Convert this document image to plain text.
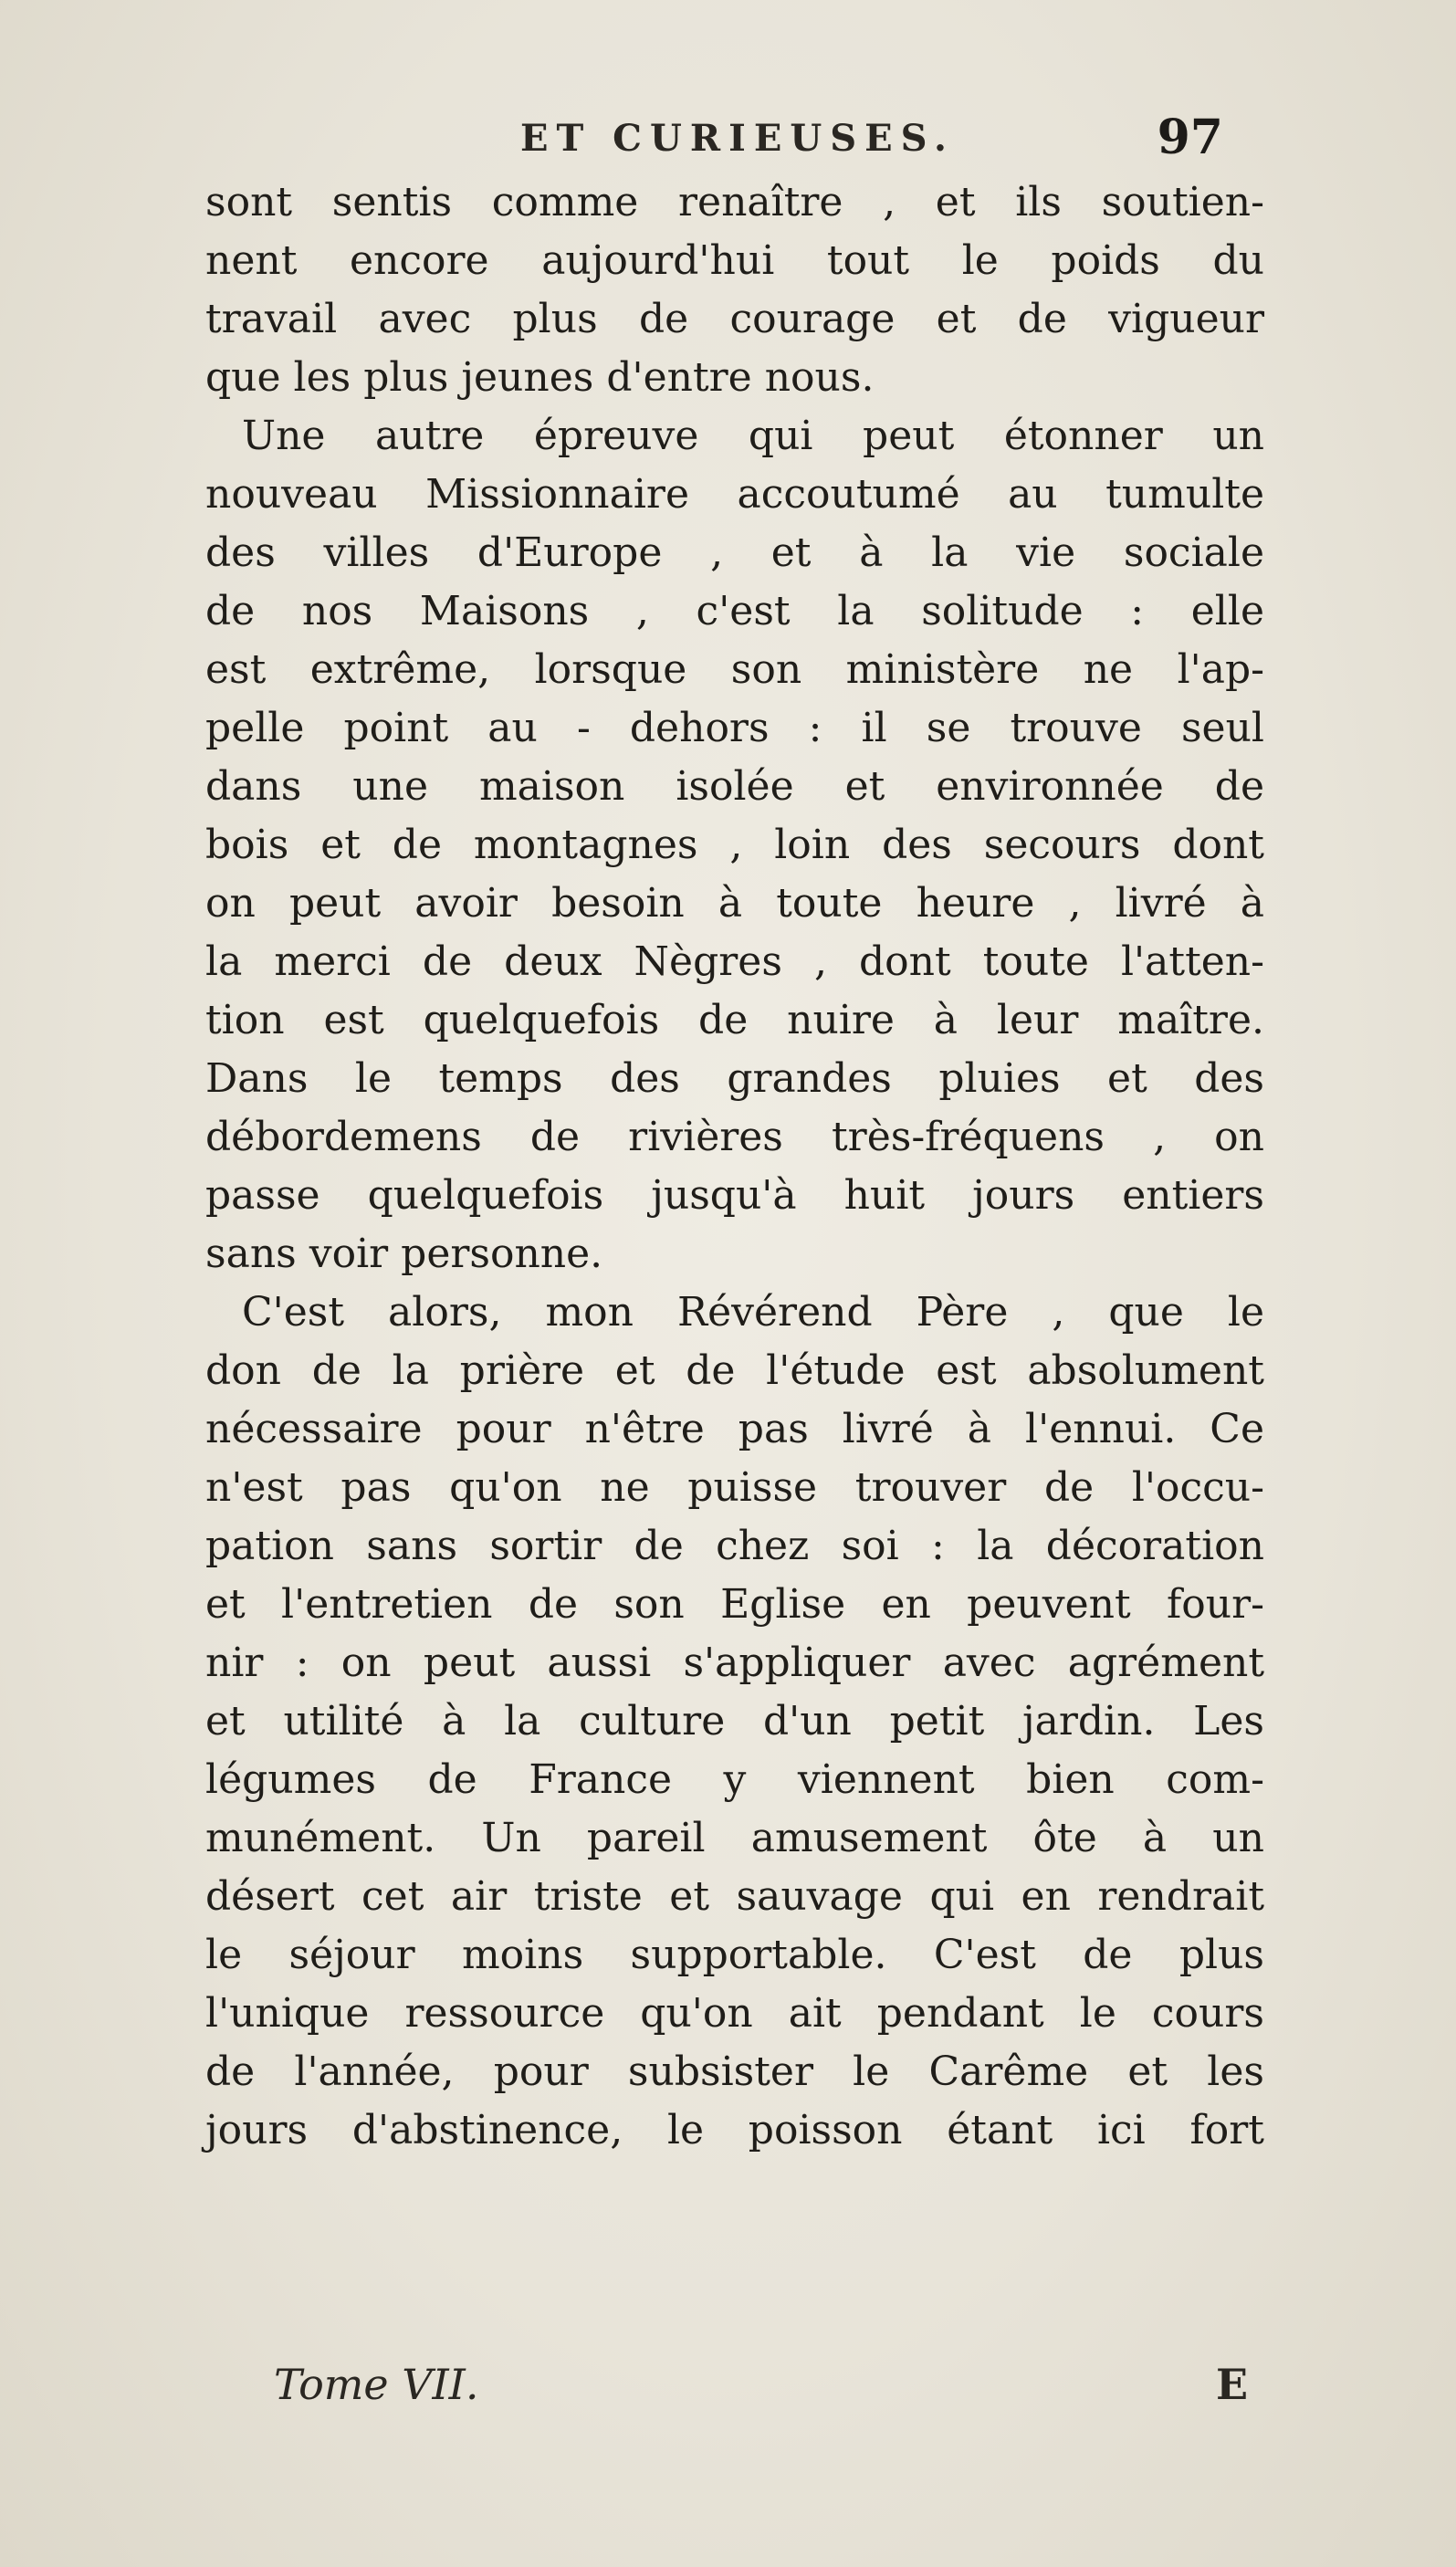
ET CURIEUSES.	97
sont sentis comme renaître , et ils soutien-
nent encore aujourd'hui tout le poids du
travail avec plus de courage et de vigueur
que les plus jeunes d'entre nous.
Une autre épreuve qui peut étonner un
nouveau Missionnaire accoutumé au tumulte
des villes d'Europe , et à la vie sociale
de nos Maisons , c'est la solitude : elle
est extrême, lorsque son ministère ne l'ap-
pelle point au - dehors : il se trouve seul
dans une maison isolée et environnée de
bois et de montagnes , loin des secours dont
on peut avoir besoin à toute heure , livré à
la merci de deux Nègres , dont toute l'atten-
tion est quelquefois de nuire à leur maître.
Dans le temps des grandes pluies et des
débordemens de rivières très-fréquens , on
passe quelquefois jusqu'à huit jours entiers
sans voir personne.
C'est alors, mon Révérend Père , que le
don de la prière et de l'étude est absolument
nécessaire pour n'être pas livré à l'ennui. Ce
n'est pas qu'on ne puisse trouver de l'occu-
pation sans sortir de chez soi : la décoration
et l'entretien de son Eglise en peuvent four-
nir : on peut aussi s'appliquer avec agrément
et utilité à la culture d'un petit jardin. Les
légumes de France y viennent bien com-
munément. Un pareil amusement ôte à un
désert cet air triste et sauvage qui en rendrait
le séjour moins supportable. C'est de plus
l'unique ressource qu'on ait pendant le cours
de l'année, pour subsister le Carême et les
jours d'abstinence, le poisson étant ici fort
Tome VII.	E
